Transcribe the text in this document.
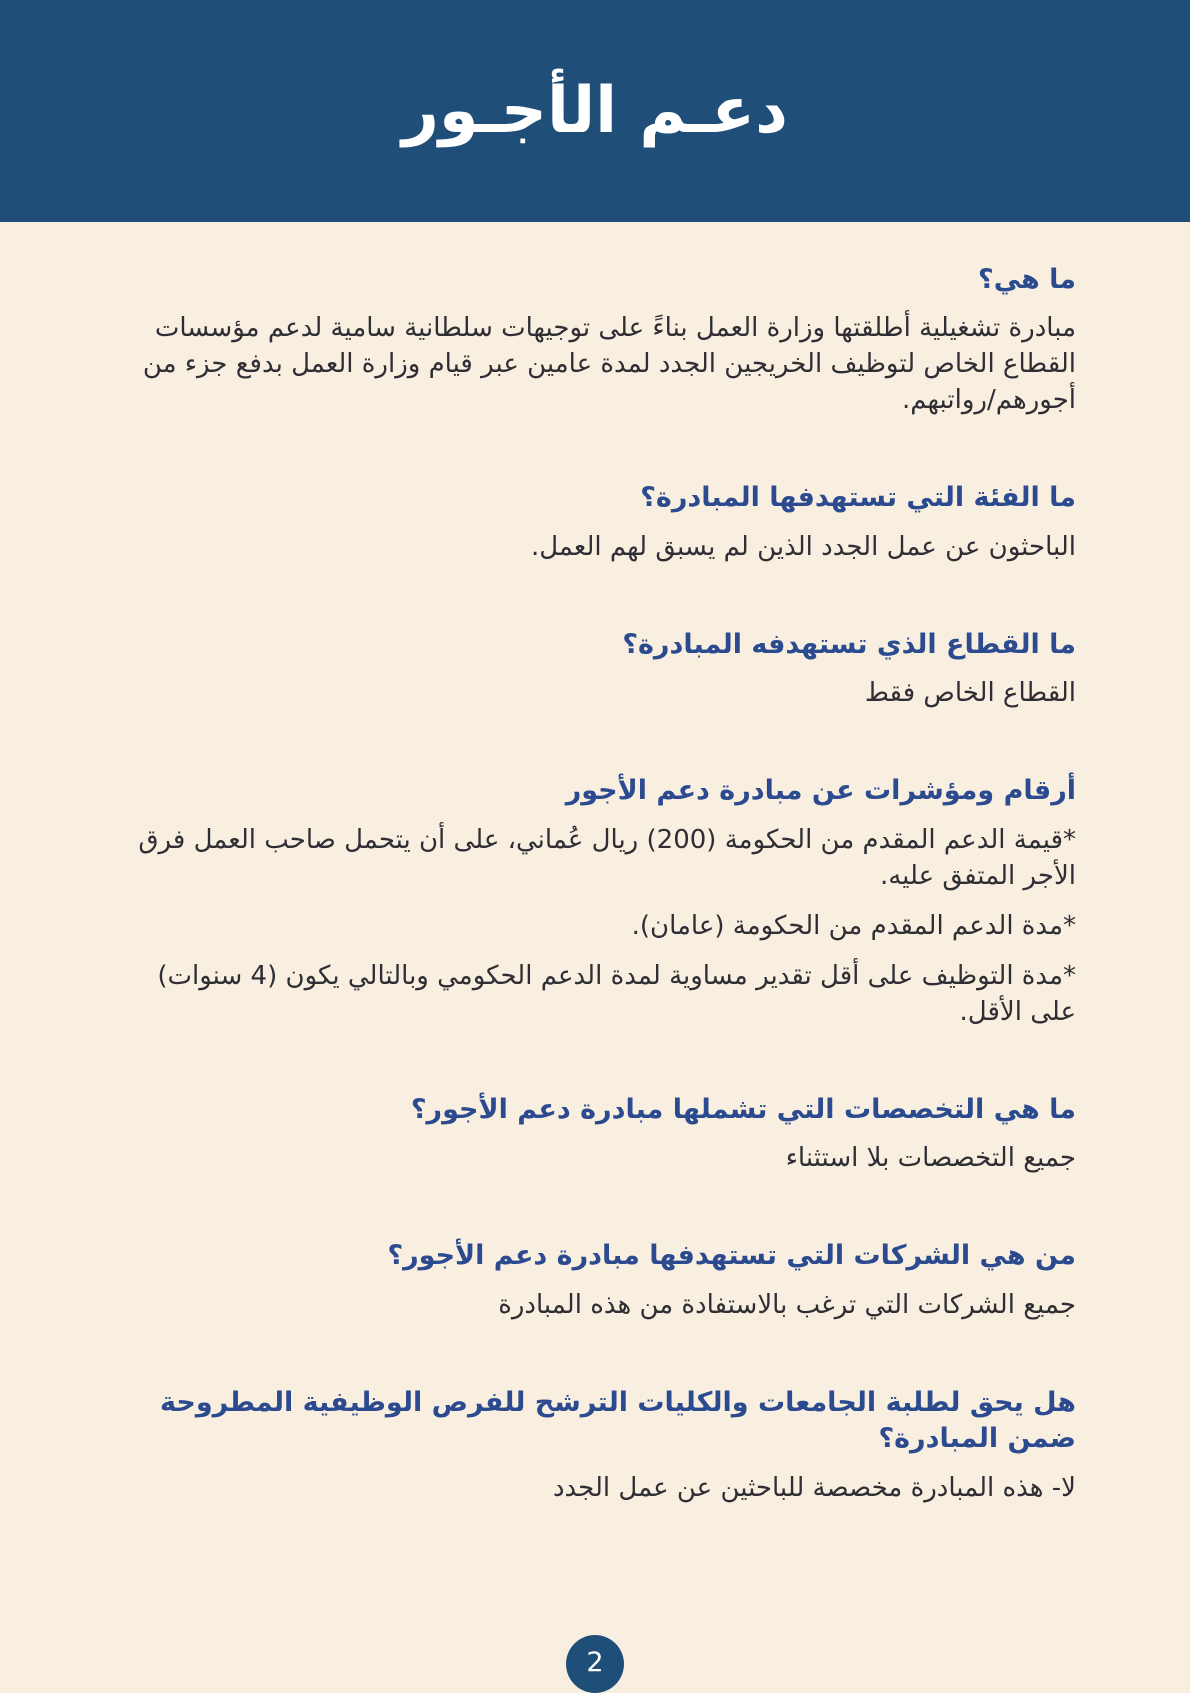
دعـم الأجـور

ما هي؟

مبادرة تشغيلية أطلقتها وزارة العمل بناءً على توجيهات سلطانية سامية لدعم مؤسسات القطاع الخاص لتوظيف الخريجين الجدد لمدة عامين عبر قيام وزارة العمل بدفع جزء من أجورهم/رواتبهم.

ما الفئة التي تستهدفها المبادرة؟

الباحثون عن عمل الجدد الذين لم يسبق لهم العمل.

ما القطاع الذي تستهدفه المبادرة؟

القطاع الخاص فقط

أرقام ومؤشرات عن مبادرة دعم الأجور

*قيمة الدعم المقدم من الحكومة (200) ريال عُماني، على أن يتحمل صاحب العمل فرق الأجر المتفق عليه.

*مدة الدعم المقدم من الحكومة (عامان).

*مدة التوظيف على أقل تقدير مساوية لمدة الدعم الحكومي وبالتالي يكون (4 سنوات) على الأقل.

ما هي التخصصات التي تشملها مبادرة دعم الأجور؟

جميع التخصصات بلا استثناء

من هي الشركات التي تستهدفها مبادرة دعم الأجور؟

جميع الشركات التي ترغب بالاستفادة من هذه المبادرة

هل يحق لطلبة الجامعات والكليات الترشح للفرص الوظيفية المطروحة ضمن المبادرة؟

لا- هذه المبادرة مخصصة للباحثين عن عمل الجدد

2
